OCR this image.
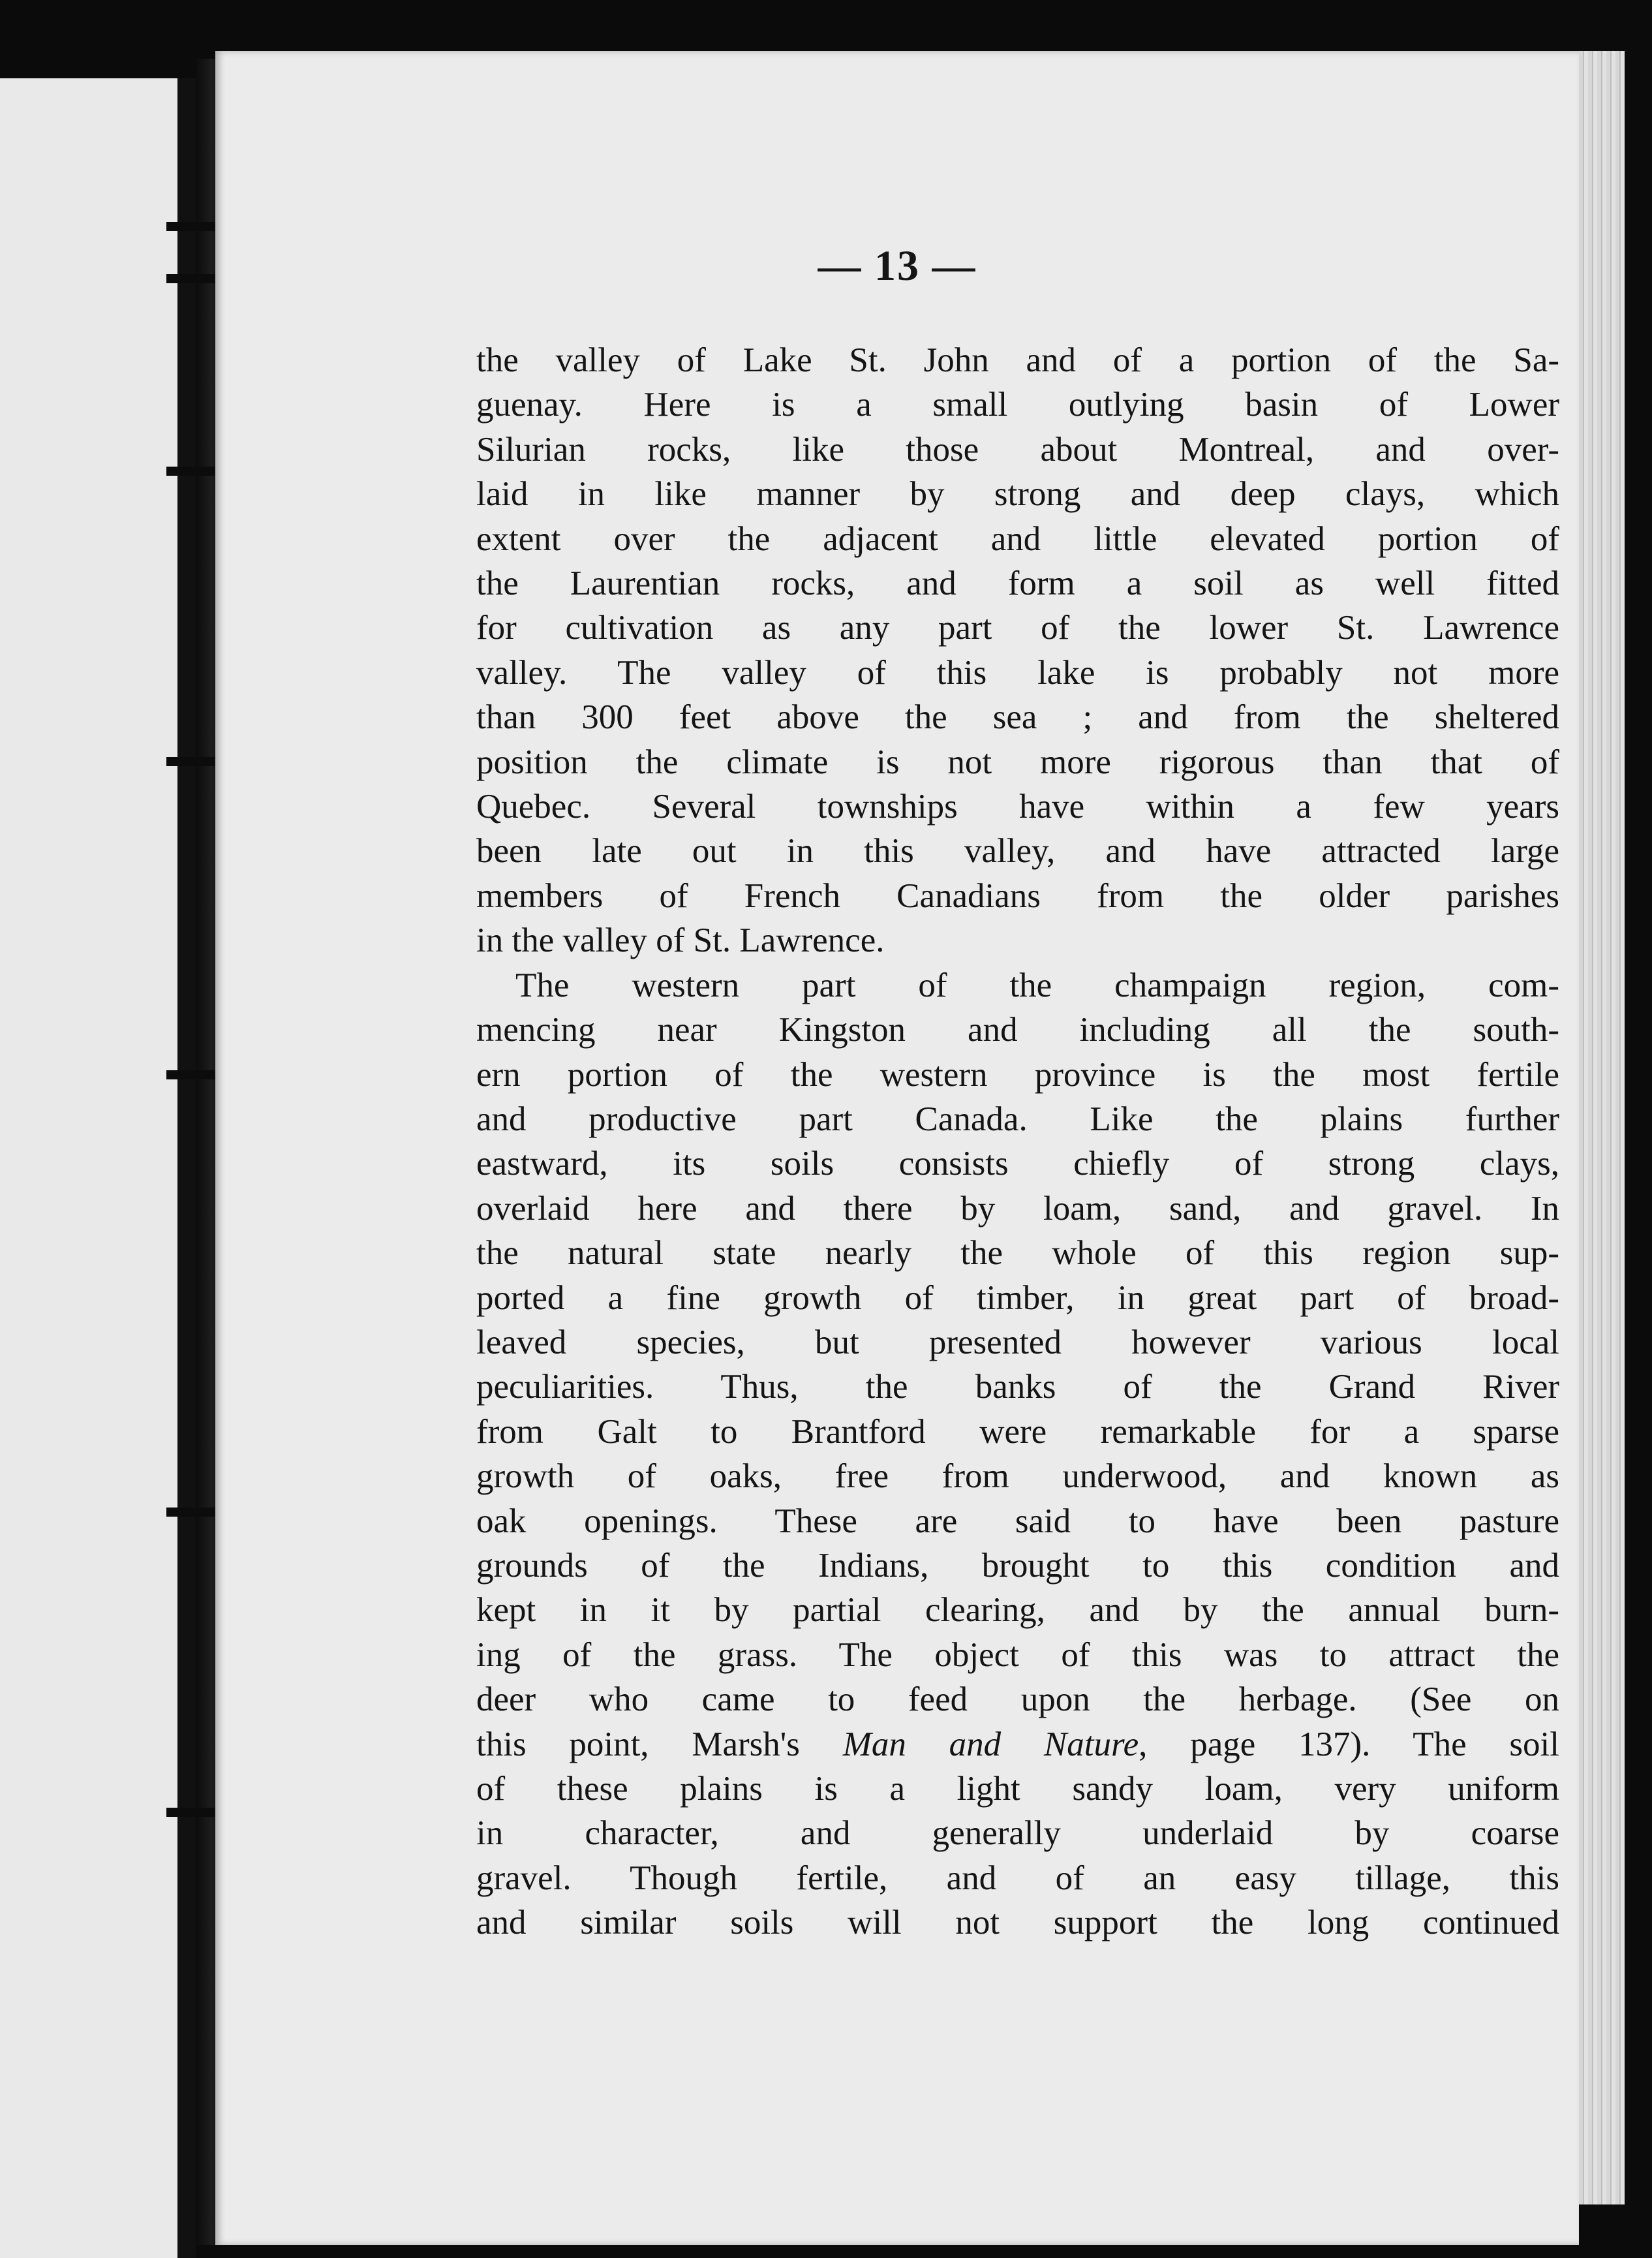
— 13 —
the valley of Lake St. John and of a portion of the Sa-
guenay. Here is a small outlying basin of Lower
Silurian rocks, like those about Montreal, and over-
laid in like manner by strong and deep clays, which
extent over the adjacent and little elevated portion of
the Laurentian rocks, and form a soil as well fitted
for cultivation as any part of the lower St. Lawrence
valley. The valley of this lake is probably not more
than 300 feet above the sea ; and from the sheltered
position the climate is not more rigorous than that of
Quebec. Several townships have within a few years
been late out in this valley, and have attracted large
members of French Canadians from the older parishes
in the valley of St. Lawrence.
The western part of the champaign region, com-
mencing near Kingston and including all the south-
ern portion of the western province is the most fertile
and productive part Canada. Like the plains further
eastward, its soils consists chiefly of strong clays,
overlaid here and there by loam, sand, and gravel. In
the natural state nearly the whole of this region sup-
ported a fine growth of timber, in great part of broad-
leaved species, but presented however various local
peculiarities. Thus, the banks of the Grand River
from Galt to Brantford were remarkable for a sparse
growth of oaks, free from underwood, and known as
oak openings. These are said to have been pasture
grounds of the Indians, brought to this condition and
kept in it by partial clearing, and by the annual burn-
ing of the grass. The object of this was to attract the
deer who came to feed upon the herbage. (See on
this point, Marsh's Man and Nature, page 137). The soil
of these plains is a light sandy loam, very uniform
in character, and generally underlaid by coarse
gravel. Though fertile, and of an easy tillage, this
and similar soils will not support the long continued
